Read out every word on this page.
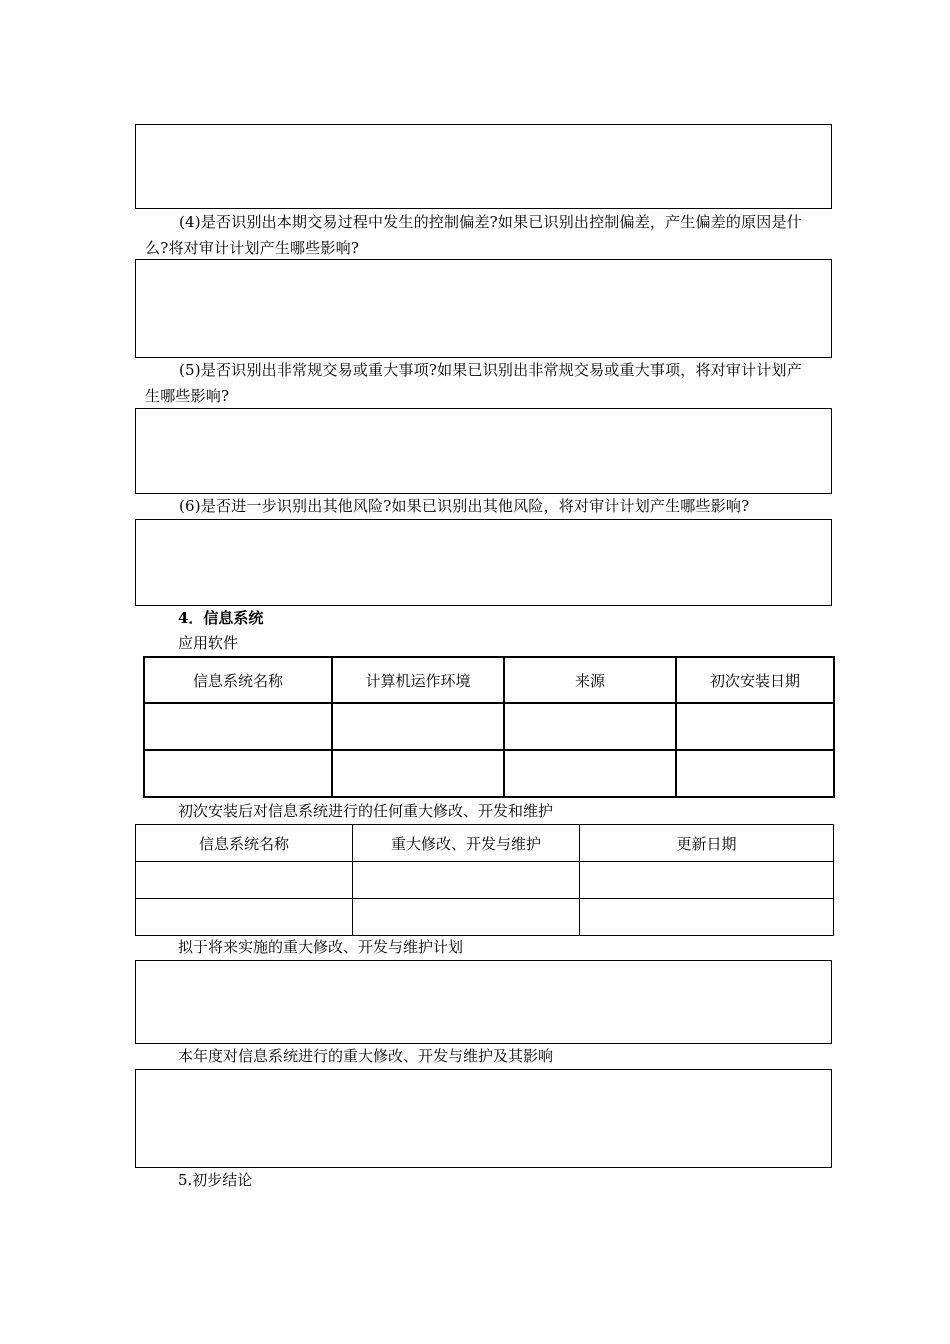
(4)是否识别出本期交易过程中发生的控制偏差?如果已识别出控制偏差，产生偏差的原因是什么?将对审计计划产生哪些影响?

(5)是否识别出非常规交易或重大事项?如果已识别出非常规交易或重大事项，将对审计计划产生哪些影响?

(6)是否进一步识别出其他风险?如果已识别出其他风险，将对审计计划产生哪些影响?

4．信息系统
应用软件
信息系统名称	计算机运作环境	来源	初次安装日期

初次安装后对信息系统进行的任何重大修改、开发和维护
信息系统名称	重大修改、开发与维护	更新日期

拟于将来实施的重大修改、开发与维护计划
本年度对信息系统进行的重大修改、开发与维护及其影响
5.初步结论
